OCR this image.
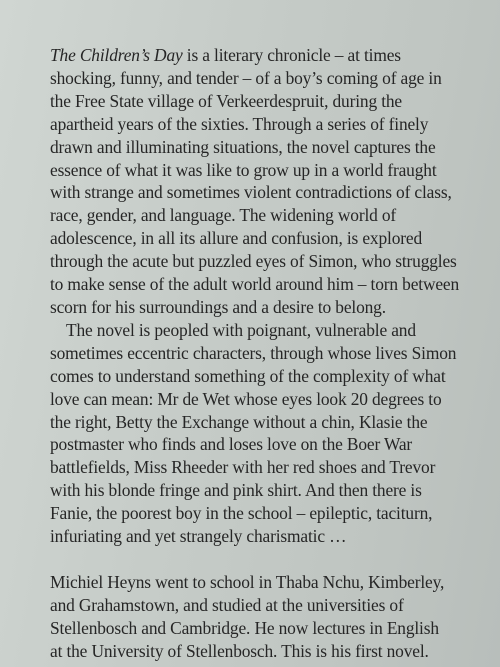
The Children’s Day is a literary chronicle – at times
shocking, funny, and tender – of a boy’s coming of age in
the Free State village of Verkeerdespruit, during the
apartheid years of the sixties. Through a series of finely
drawn and illuminating situations, the novel captures the
essence of what it was like to grow up in a world fraught
with strange and sometimes violent contradictions of class,
race, gender, and language. The widening world of
adolescence, in all its allure and confusion, is explored
through the acute but puzzled eyes of Simon, who struggles
to make sense of the adult world around him – torn between
scorn for his surroundings and a desire to belong.
The novel is peopled with poignant, vulnerable and
sometimes eccentric characters, through whose lives Simon
comes to understand something of the complexity of what
love can mean: Mr de Wet whose eyes look 20 degrees to
the right, Betty the Exchange without a chin, Klasie the
postmaster who finds and loses love on the Boer War
battlefields, Miss Rheeder with her red shoes and Trevor
with his blonde fringe and pink shirt. And then there is
Fanie, the poorest boy in the school – epileptic, taciturn,
infuriating and yet strangely charismatic …
Michiel Heyns went to school in Thaba Nchu, Kimberley,
and Grahamstown, and studied at the universities of
Stellenbosch and Cambridge. He now lectures in English
at the University of Stellenbosch. This is his first novel.
